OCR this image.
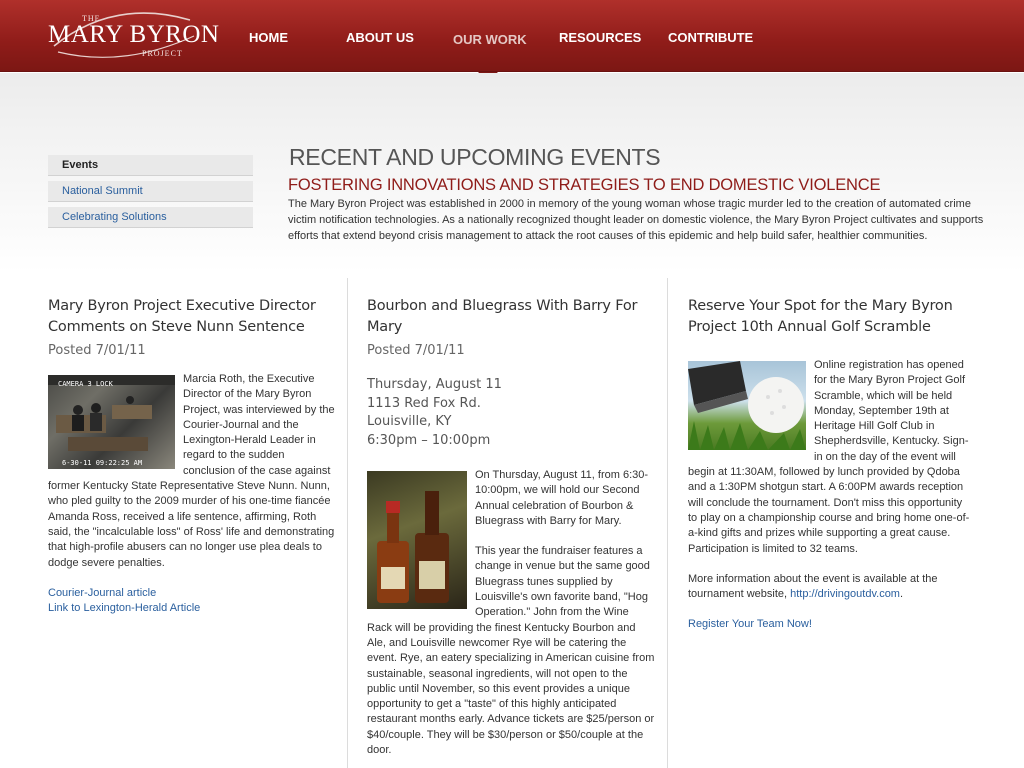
THE
MARY BYRON
PROJECT
HOME	ABOUT US	OUR WORK RESOURCES CONTRIBUTE
Events
National Summit
Celebrating Solutions
RECENT AND UPCOMING EVENTS
FOSTERING INNOVATIONS AND STRATEGIES TO END DOMESTIC VIOLENCE
The Mary Byron Project was established in 2000 in memory of the young woman whose tragic murder led to the creation of automated crime victim notification technologies. As a nationally recognized thought leader on domestic violence, the Mary Byron Project cultivates and supports efforts that extend beyond crisis management to attack the root causes of this epidemic and help build safer, healthier communities.
Mary Byron Project Executive Director Comments on Steve Nunn Sentence
Posted 7/01/11
CAMERA 3 LOCK
6-30-11 09:22:25 AM
Marcia Roth, the Executive Director of the Mary Byron Project, was interviewed by the Courier-Journal and the Lexington-Herald Leader in regard to the sudden conclusion of the case against former Kentucky State Representative Steve Nunn. Nunn, who pled guilty to the 2009 murder of his one-time fiancée Amanda Ross, received a life sentence, affirming, Roth said, the "incalculable loss" of Ross' life and demonstrating that high-profile abusers can no longer use plea deals to dodge severe penalties.
Courier-Journal article
Link to Lexington-Herald Article
Bourbon and Bluegrass With Barry For Mary
Posted 7/01/11
Thursday, August 11
1113 Red Fox Rd.
Louisville, KY
6:30pm – 10:00pm

On Thursday, August 11, from 6:30-10:00pm, we will hold our Second Annual celebration of Bourbon & Bluegrass with Barry for Mary.

This year the fundraiser features a change in venue but the same good Bluegrass tunes supplied by Louisville's own favorite band, "Hog Operation." John from the Wine Rack will be providing the finest Kentucky Bourbon and Ale, and Louisville newcomer Rye will be catering the event. Rye, an eatery specializing in American cuisine from sustainable, seasonal ingredients, will not open to the public until November, so this event provides a unique opportunity to get a "taste" of this highly anticipated restaurant months early. Advance tickets are $25/person or $40/couple. They will be $30/person or $50/couple at the door.

Reserve Your Spot for the Mary Byron Project 10th Annual Golf Scramble

Online registration has opened for the Mary Byron Project Golf Scramble, which will be held Monday, September 19th at Heritage Hill Golf Club in Shepherdsville, Kentucky. Sign-in on the day of the event will begin at 11:30AM, followed by lunch provided by Qdoba and a 1:30PM shotgun start. A 6:00PM awards reception will conclude the tournament. Don't miss this opportunity to play on a championship course and bring home one-of-a-kind gifts and prizes while supporting a great cause. Participation is limited to 32 teams.

More information about the event is available at the tournament website, http://drivingoutdv.com.

Register Your Team Now!
